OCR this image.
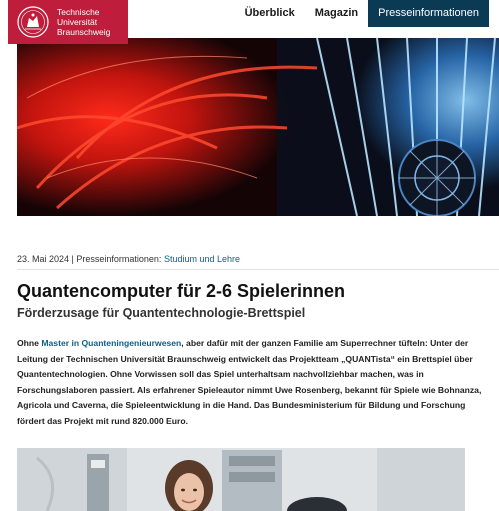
Technische
Universität
Braunschweig
Überblick	Magazin	Presseinformationen
23. Mai 2024 | Presseinformationen: Studium und Lehre
Quantencomputer für 2-6 Spielerinnen
Förderzusage für Quantentechnologie-Brettspiel

Ohne Master in Quanteningenieurwesen, aber dafür mit der ganzen Familie am Superrechner tüfteln: Unter der Leitung der Technischen Universität Braunschweig entwickelt das Projektteam „QUANTista“ ein Brettspiel über Quantentechnologien. Ohne Vorwissen soll das Spiel unterhaltsam nachvollziehbar machen, was in Forschungslaboren passiert. Als erfahrener Spieleautor nimmt Uwe Rosenberg, bekannt für Spiele wie Bohnanza, Agricola und Caverna, die Spieleentwicklung in die Hand. Das Bundesministerium für Bildung und Forschung fördert das Projekt mit rund 820.000 Euro.
